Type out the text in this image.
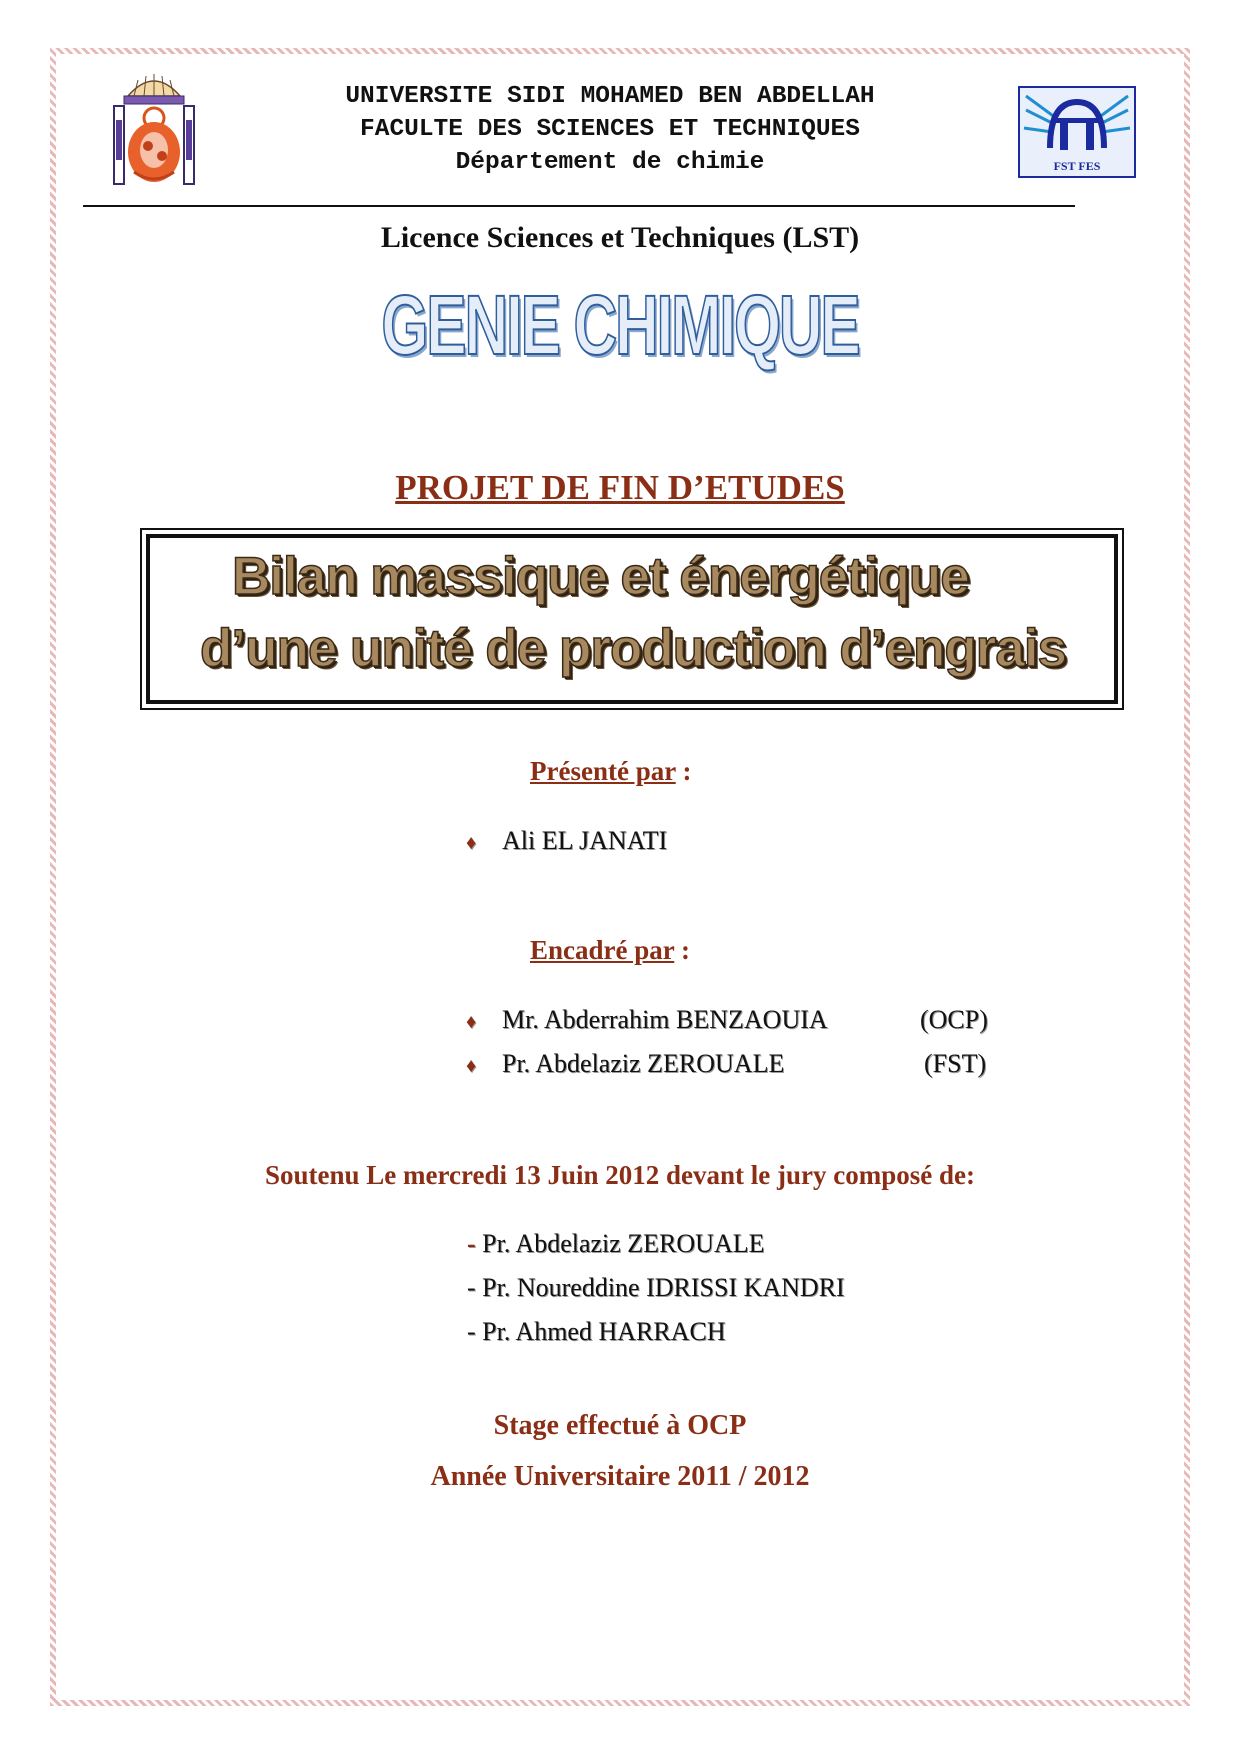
FST FES
UNIVERSITE SIDI MOHAMED BEN ABDELLAH
FACULTE DES SCIENCES ET TECHNIQUES
Département de chimie
Licence Sciences et Techniques (LST)
GENIE CHIMIQUE
PROJET DE FIN D’ETUDES
Bilan massique et énergétique
d’une unité de production d’engrais
Présenté par :
♦ Ali EL JANATI
Encadré par :
♦ Mr. Abderrahim BENZAOUIA	(OCP)
♦ Pr. Abdelaziz ZEROUALE	(FST)
Soutenu Le mercredi 13 Juin 2012 devant le jury composé de:
- Pr. Abdelaziz ZEROUALE
- Pr. Noureddine IDRISSI KANDRI
- Pr. Ahmed HARRACH
Stage effectué à OCP
Année Universitaire 2011 / 2012
